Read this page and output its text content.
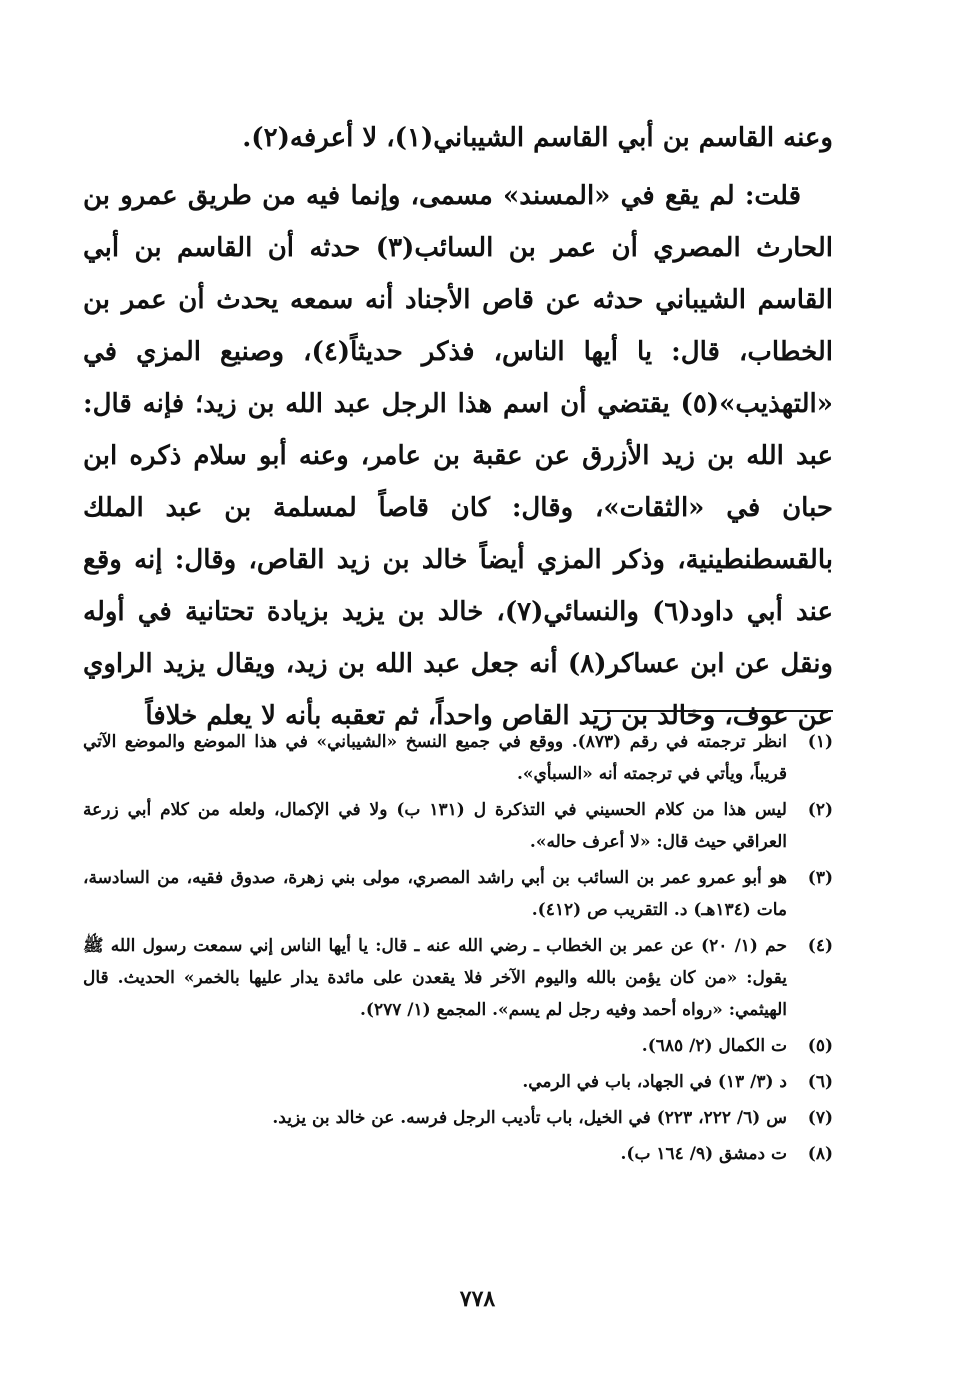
وعنه القاسم بن أبي القاسم الشيباني(١)، لا أعرفه(٢).

قلت: لم يقع في «المسند» مسمى، وإنما فيه من طريق عمرو بن الحارث المصري أن عمر بن السائب(٣) حدثه أن القاسم بن أبي القاسم الشيباني حدثه عن قاص الأجناد أنه سمعه يحدث أن عمر بن الخطاب، قال: يا أيها الناس، فذكر حديثاً(٤)، وصنيع المزي في «التهذيب»(٥) يقتضي أن اسم هذا الرجل عبد الله بن زيد؛ فإنه قال: عبد الله بن زيد الأزرق عن عقبة بن عامر، وعنه أبو سلام ذكره ابن حبان في «الثقات»، وقال: كان قاصاً لمسلمة بن عبد الملك بالقسطنطينية، وذكر المزي أيضاً خالد بن زيد القاص، وقال: إنه وقع عند أبي داود(٦) والنسائي(٧)، خالد بن يزيد بزيادة تحتانية في أوله ونقل عن ابن عساكر(٨) أنه جعل عبد الله بن زيد، ويقال يزيد الراوي عن عوف، وخالد بن زيد القاص واحداً، ثم تعقبه بأنه لا يعلم خلافاً

(١)
انظر ترجمته في رقم (٨٧٣). ووقع في جميع النسخ «الشيباني» في هذا الموضع والموضع الآتي قريباً، ويأتي في ترجمته أنه «السبأي».
(٢)
ليس هذا من كلام الحسيني في التذكرة ل (١٣١ ب) ولا في الإكمال، ولعله من كلام أبي زرعة العراقي حيث قال: «لا أعرف حاله».
(٣)
هو أبو عمرو عمر بن السائب بن أبي راشد المصري، مولى بني زهرة، صدوق فقيه، من السادسة، مات (١٣٤هـ) د. التقريب ص (٤١٢).
(٤)
حم (١/ ٢٠) عن عمر بن الخطاب ـ رضي الله عنه ـ قال: يا أيها الناس إني سمعت رسول الله ﷺ يقول: «من كان يؤمن بالله واليوم الآخر فلا يقعدن على مائدة يدار عليها بالخمر» الحديث. قال الهيثمي: «رواه أحمد وفيه رجل لم يسم». المجمع (١/ ٢٧٧).
(٥)
ت الكمال (٢/ ٦٨٥).
(٦)
د (٣/ ١٣) في الجهاد، باب في الرمي.
(٧)
س (٦/ ٢٢٢، ٢٢٣) في الخيل، باب تأديب الرجل فرسه. عن خالد بن يزيد.
(٨)
ت دمشق (٩/ ١٦٤ ب).
٧٧٨
